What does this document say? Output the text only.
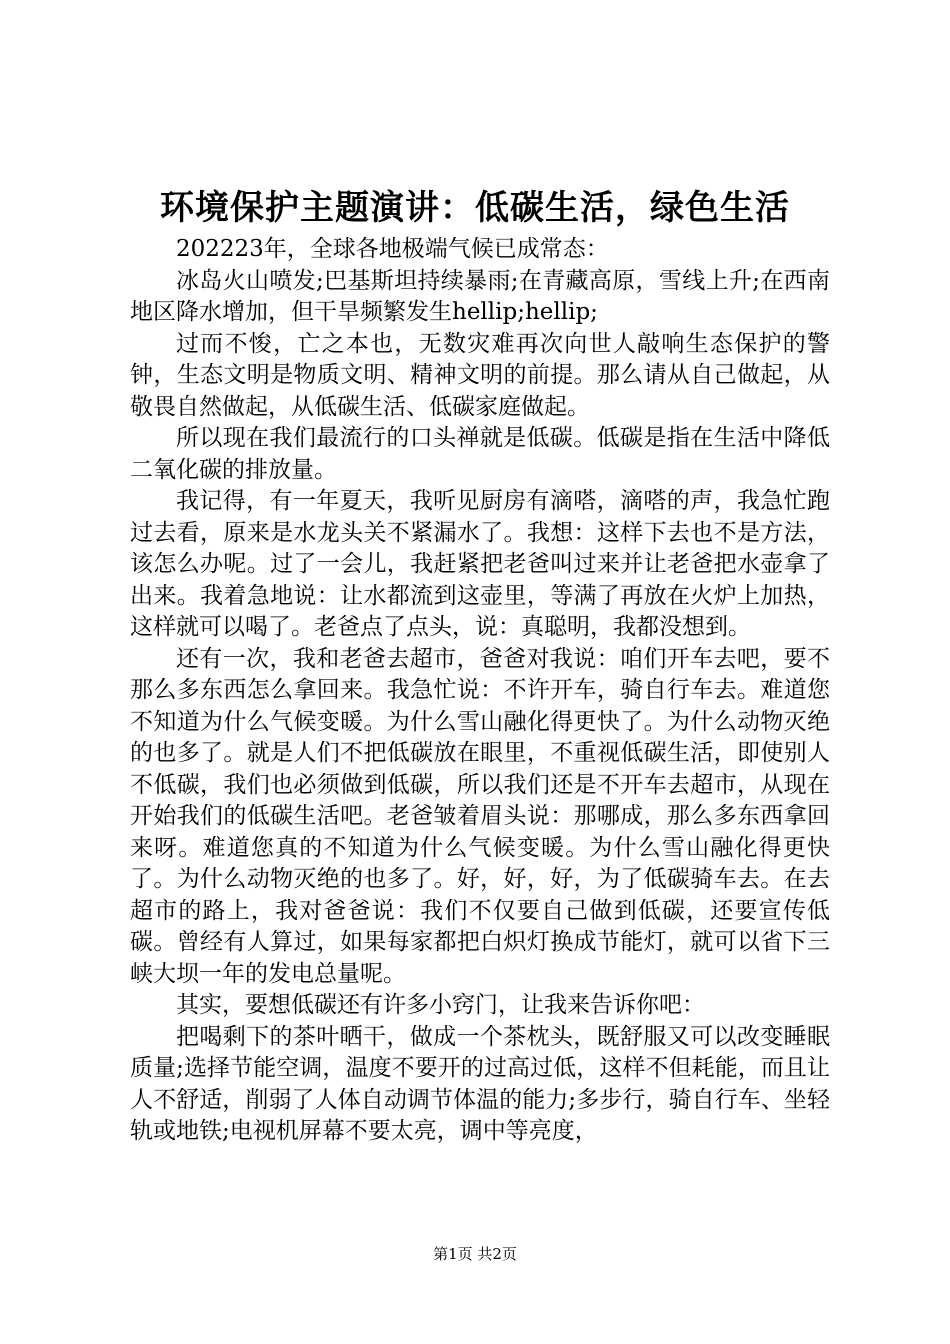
环境保护主题演讲：低碳生活，绿色生活

202223年，全球各地极端气候已成常态：

冰岛火山喷发;巴基斯坦持续暴雨;在青藏高原，雪线上升;在西南地区降水增加，但干旱频繁发生hellip;hellip;

过而不悛，亡之本也，无数灾难再次向世人敲响生态保护的警钟，生态文明是物质文明、精神文明的前提。那么请从自己做起，从敬畏自然做起，从低碳生活、低碳家庭做起。

所以现在我们最流行的口头禅就是低碳。低碳是指在生活中降低二氧化碳的排放量。

我记得，有一年夏天，我听见厨房有滴嗒，滴嗒的声，我急忙跑过去看，原来是水龙头关不紧漏水了。我想：这样下去也不是方法，该怎么办呢。过了一会儿，我赶紧把老爸叫过来并让老爸把水壶拿了出来。我着急地说：让水都流到这壶里，等满了再放在火炉上加热，这样就可以喝了。老爸点了点头，说：真聪明，我都没想到。

还有一次，我和老爸去超市，爸爸对我说：咱们开车去吧，要不那么多东西怎么拿回来。我急忙说：不许开车，骑自行车去。难道您不知道为什么气候变暖。为什么雪山融化得更快了。为什么动物灭绝的也多了。就是人们不把低碳放在眼里，不重视低碳生活，即使别人不低碳，我们也必须做到低碳，所以我们还是不开车去超市，从现在开始我们的低碳生活吧。老爸皱着眉头说：那哪成，那么多东西拿回来呀。难道您真的不知道为什么气候变暖。为什么雪山融化得更快了。为什么动物灭绝的也多了。好，好，好，为了低碳骑车去。在去超市的路上，我对爸爸说：我们不仅要自己做到低碳，还要宣传低碳。曾经有人算过，如果每家都把白炽灯换成节能灯，就可以省下三峡大坝一年的发电总量呢。

其实，要想低碳还有许多小窍门，让我来告诉你吧：

把喝剩下的茶叶晒干，做成一个茶枕头，既舒服又可以改变睡眠质量;选择节能空调，温度不要开的过高过低，这样不但耗能，而且让人不舒适，削弱了人体自动调节体温的能力;多步行，骑自行车、坐轻轨或地铁;电视机屏幕不要太亮，调中等亮度，

第1页 共2页
